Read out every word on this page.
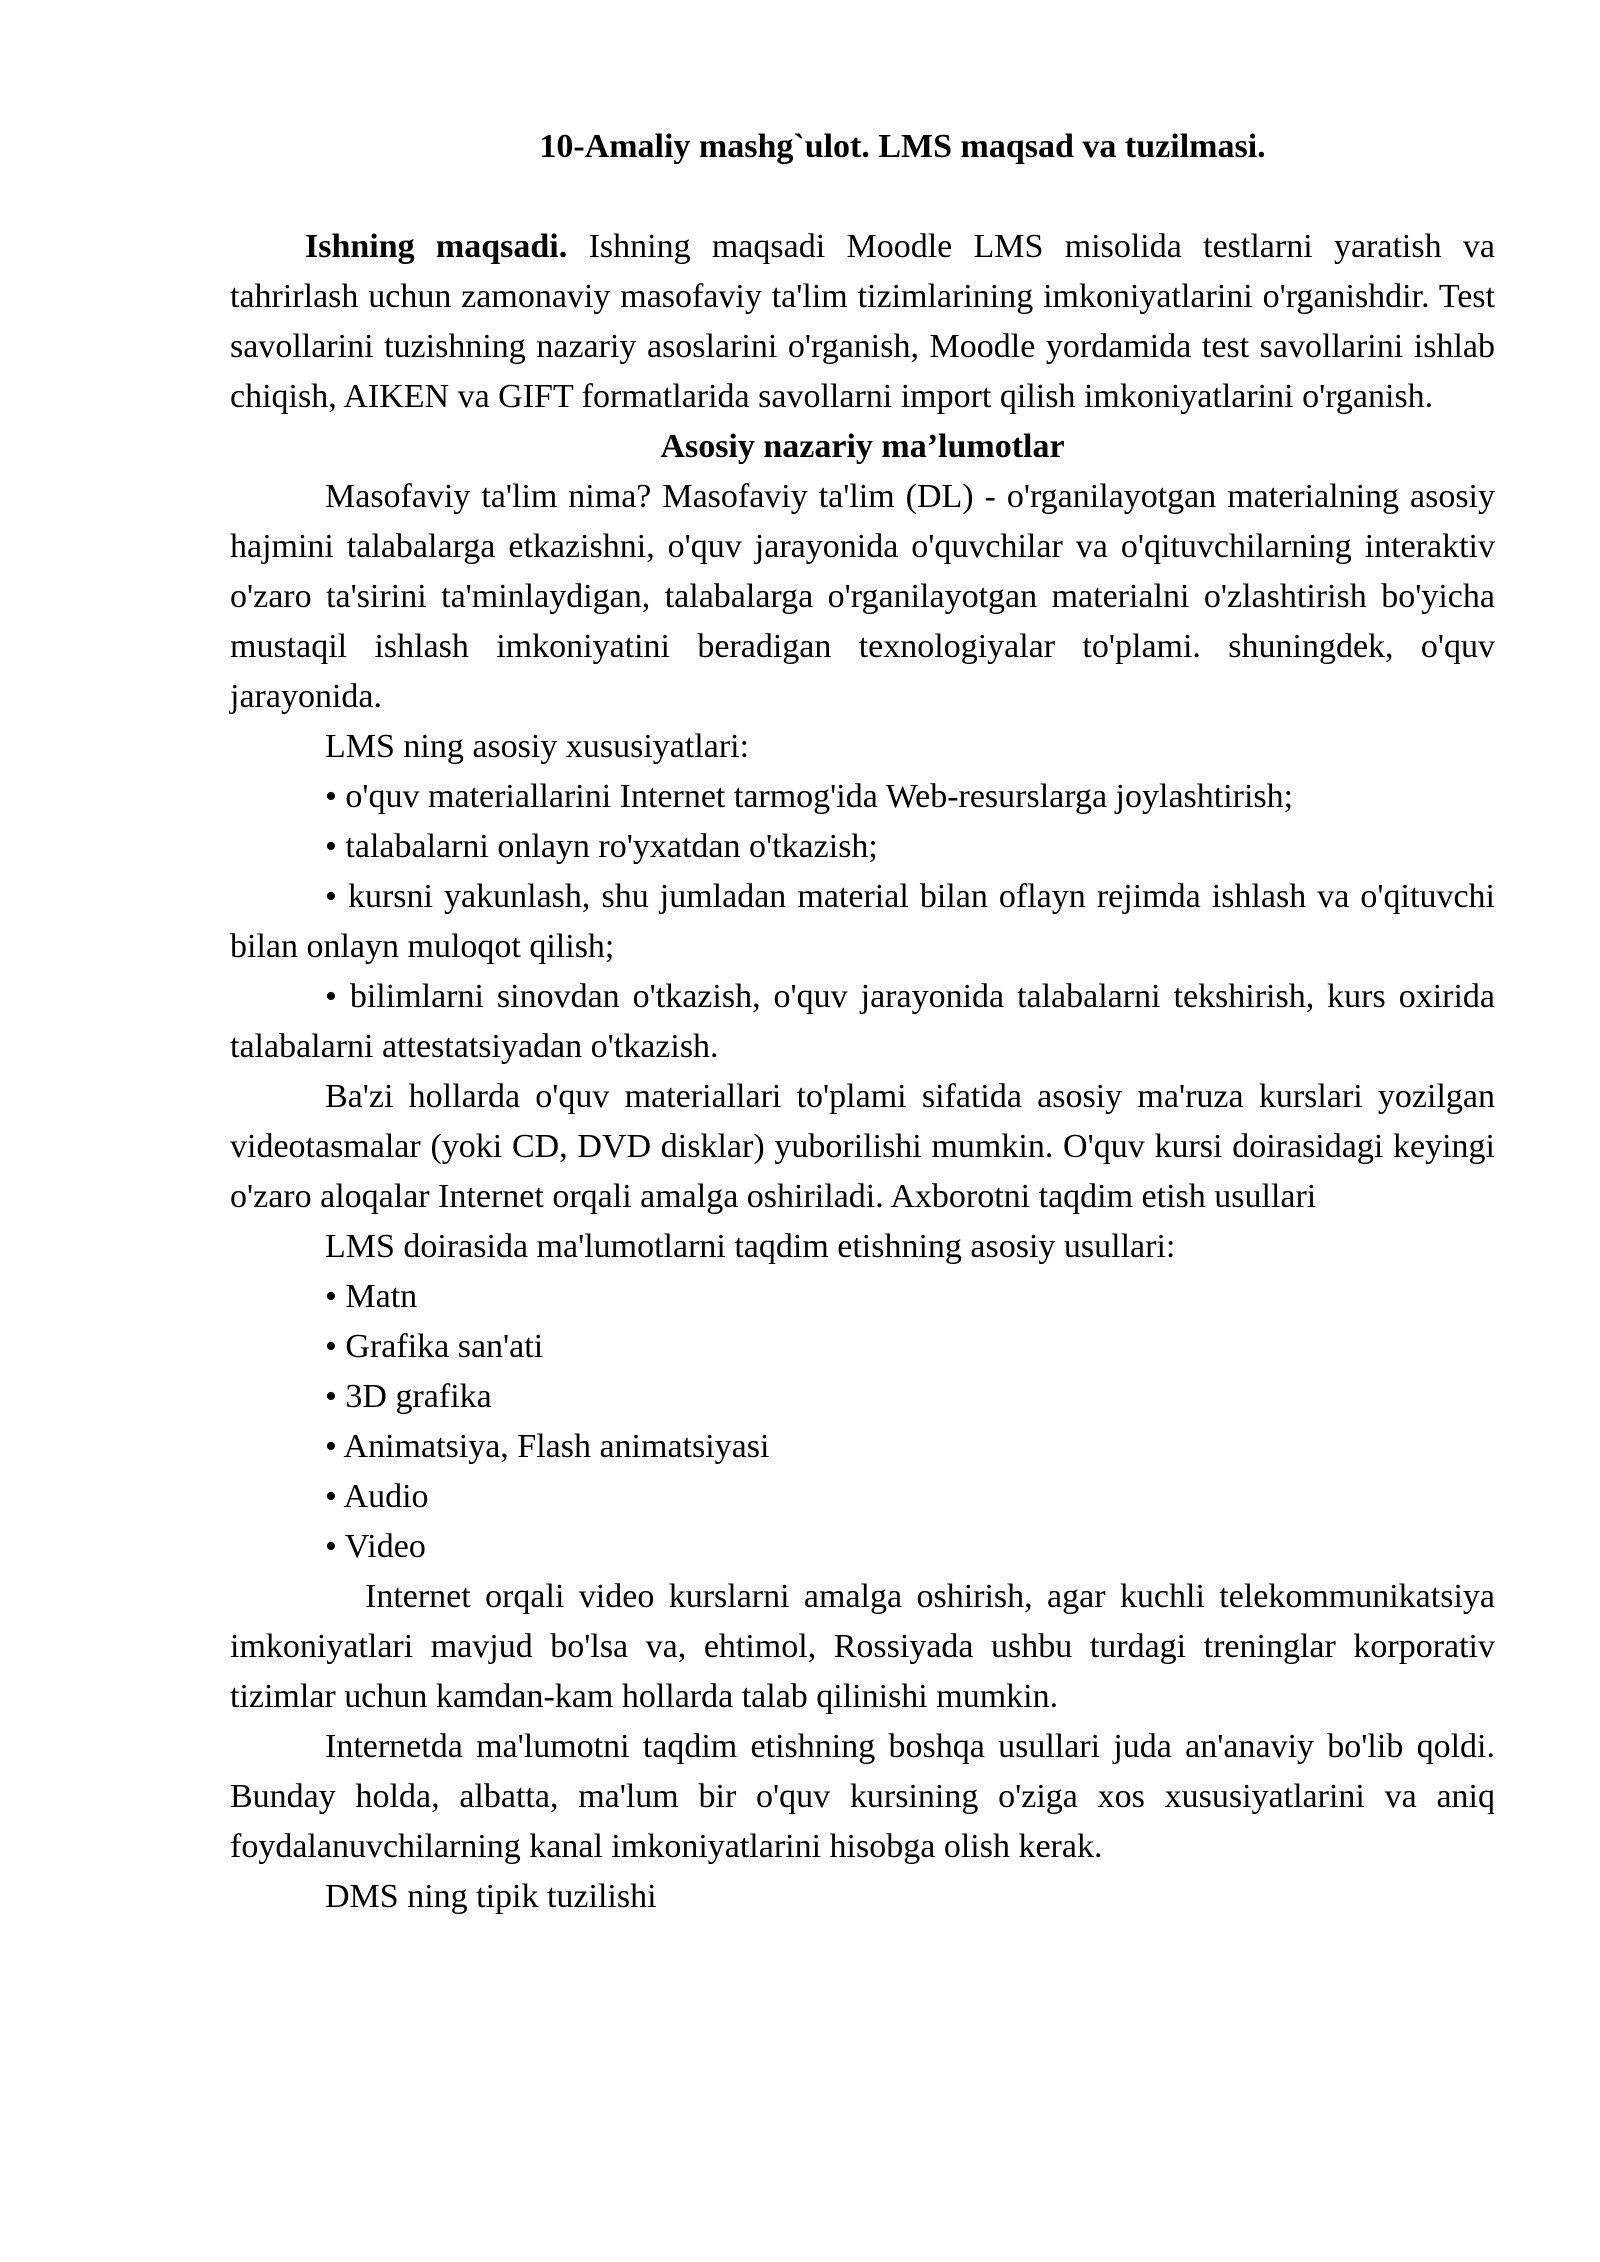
10-Amaliy mashg`ulot. LMS maqsad va tuzilmasi.

Ishning maqsadi. Ishning maqsadi Moodle LMS misolida testlarni yaratish va tahrirlash uchun zamonaviy masofaviy ta'lim tizimlarining imkoniyatlarini o'rganishdir. Test savollarini tuzishning nazariy asoslarini o'rganish, Moodle yordamida test savollarini ishlab chiqish, AIKEN va GIFT formatlarida savollarni import qilish imkoniyatlarini o'rganish.

Asosiy nazariy ma’lumotlar

Masofaviy ta'lim nima? Masofaviy ta'lim (DL) - o'rganilayotgan materialning asosiy hajmini talabalarga etkazishni, o'quv jarayonida o'quvchilar va o'qituvchilarning interaktiv o'zaro ta'sirini ta'minlaydigan, talabalarga o'rganilayotgan materialni o'zlashtirish bo'yicha mustaqil ishlash imkoniyatini beradigan texnologiyalar to'plami. shuningdek, o'quv jarayonida.

LMS ning asosiy xususiyatlari:

• o'quv materiallarini Internet tarmog'ida Web-resurslarga joylashtirish;

• talabalarni onlayn ro'yxatdan o'tkazish;

• kursni yakunlash, shu jumladan material bilan oflayn rejimda ishlash va o'qituvchi bilan onlayn muloqot qilish;

• bilimlarni sinovdan o'tkazish, o'quv jarayonida talabalarni tekshirish, kurs oxirida talabalarni attestatsiyadan o'tkazish.

Ba'zi hollarda o'quv materiallari to'plami sifatida asosiy ma'ruza kurslari yozilgan videotasmalar (yoki CD, DVD disklar) yuborilishi mumkin. O'quv kursi doirasidagi keyingi o'zaro aloqalar Internet orqali amalga oshiriladi. Axborotni taqdim etish usullari

LMS doirasida ma'lumotlarni taqdim etishning asosiy usullari:

• Matn

• Grafika san'ati

• 3D grafika

• Animatsiya, Flash animatsiyasi

• Audio

• Video

Internet orqali video kurslarni amalga oshirish, agar kuchli telekommunikatsiya imkoniyatlari mavjud bo'lsa va, ehtimol, Rossiyada ushbu turdagi treninglar korporativ tizimlar uchun kamdan-kam hollarda talab qilinishi mumkin.

Internetda ma'lumotni taqdim etishning boshqa usullari juda an'anaviy bo'lib qoldi. Bunday holda, albatta, ma'lum bir o'quv kursining o'ziga xos xususiyatlarini va aniq foydalanuvchilarning kanal imkoniyatlarini hisobga olish kerak.

DMS ning tipik tuzilishi
